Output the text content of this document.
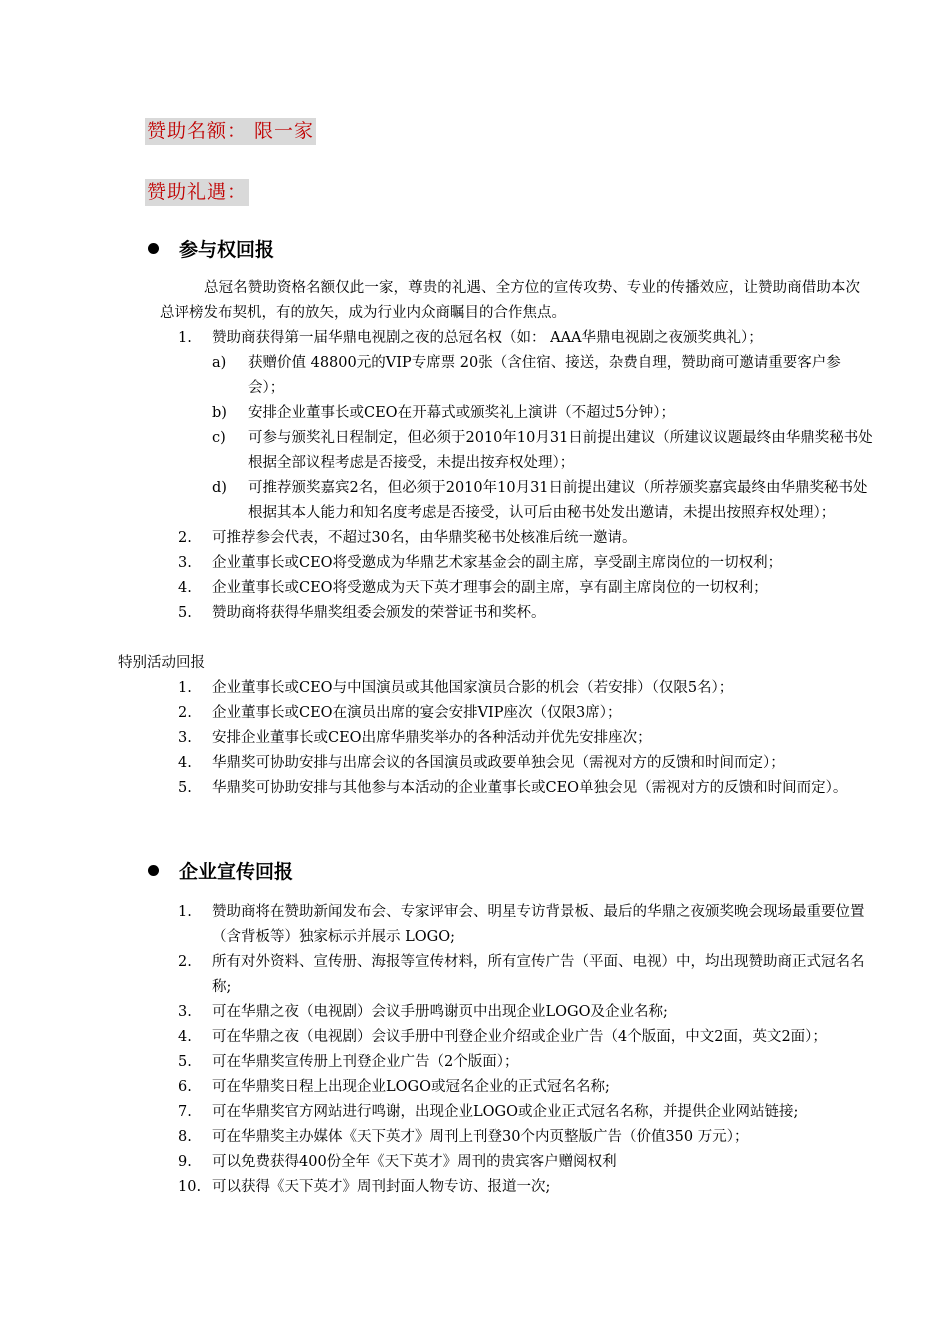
赞助名额： 限一家
赞助礼遇：
参与权回报
总冠名赞助资格名额仅此一家，尊贵的礼遇、全方位的宣传攻势、专业的传播效应，让赞助商借助本次总评榜发布契机，有的放矢，成为行业内众商瞩目的合作焦点。
1. 赞助商获得第一届华鼎电视剧之夜的总冠名权（如： AAA华鼎电视剧之夜颁奖典礼）；
a) 获赠价值 48800元的VIP专席票 20张（含住宿、接送，杂费自理，赞助商可邀请重要客户参会）；
b) 安排企业董事长或CEO在开幕式或颁奖礼上演讲（不超过5分钟）；
c) 可参与颁奖礼日程制定，但必须于2010年10月31日前提出建议（所建议议题最终由华鼎奖秘书处根据全部议程考虑是否接受，未提出按弃权处理）；
d) 可推荐颁奖嘉宾2名，但必须于2010年10月31日前提出建议（所荐颁奖嘉宾最终由华鼎奖秘书处根据其本人能力和知名度考虑是否接受，认可后由秘书处发出邀请，未提出按照弃权处理）；
2. 可推荐参会代表，不超过30名，由华鼎奖秘书处核准后统一邀请。
3. 企业董事长或CEO将受邀成为华鼎艺术家基金会的副主席，享受副主席岗位的一切权利；
4. 企业董事长或CEO将受邀成为天下英才理事会的副主席，享有副主席岗位的一切权利；
5. 赞助商将获得华鼎奖组委会颁发的荣誉证书和奖杯。
特别活动回报
1. 企业董事长或CEO与中国演员或其他国家演员合影的机会（若安排）（仅限5名）；
2. 企业董事长或CEO在演员出席的宴会安排VIP座次（仅限3席）；
3. 安排企业董事长或CEO出席华鼎奖举办的各种活动并优先安排座次；
4. 华鼎奖可协助安排与出席会议的各国演员或政要单独会见（需视对方的反馈和时间而定）；
5. 华鼎奖可协助安排与其他参与本活动的企业董事长或CEO单独会见（需视对方的反馈和时间而定）。
企业宣传回报
1. 赞助商将在赞助新闻发布会、专家评审会、明星专访背景板、最后的华鼎之夜颁奖晚会现场最重要位置（含背板等）独家标示并展示 LOGO;
2. 所有对外资料、宣传册、海报等宣传材料，所有宣传广告（平面、电视）中，均出现赞助商正式冠名名称;
3. 可在华鼎之夜（电视剧）会议手册鸣谢页中出现企业LOGO及企业名称;
4. 可在华鼎之夜（电视剧）会议手册中刊登企业介绍或企业广告（4个版面，中文2面，英文2面）；
5. 可在华鼎奖宣传册上刊登企业广告（2个版面）；
6. 可在华鼎奖日程上出现企业LOGO或冠名企业的正式冠名名称;
7. 可在华鼎奖官方网站进行鸣谢，出现企业LOGO或企业正式冠名名称，并提供企业网站链接;
8. 可在华鼎奖主办媒体《天下英才》周刊上刊登30个内页整版广告（价值350 万元）；
9. 可以免费获得400份全年《天下英才》周刊的贵宾客户赠阅权利
10. 可以获得《天下英才》周刊封面人物专访、报道一次;
